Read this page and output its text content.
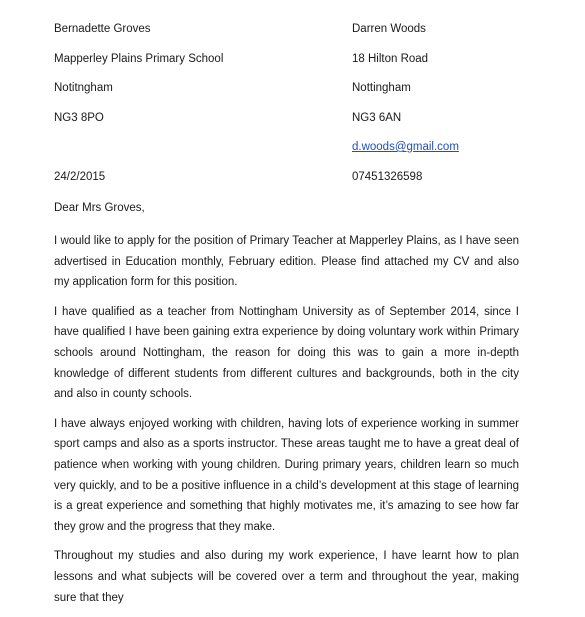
Bernadette Groves
Mapperley Plains Primary School
Notitngham
NG3 8PO
24/2/2015
Darren Woods
18 Hilton Road
Nottingham
NG3 6AN
d.woods@gmail.com
07451326598
Dear Mrs Groves,

I would like to apply for the position of Primary Teacher at Mapperley Plains, as I have seen advertised in Education monthly, February edition. Please find attached my CV and also my application form for this position.

I have qualified as a teacher from Nottingham University as of September 2014, since I have qualified I have been gaining extra experience by doing voluntary work within Primary schools around Nottingham, the reason for doing this was to gain a more in-depth knowledge of different students from different cultures and backgrounds, both in the city and also in county schools.

I have always enjoyed working with children, having lots of experience working in summer sport camps and also as a sports instructor. These areas taught me to have a great deal of patience when working with young children. During primary years, children learn so much very quickly, and to be a positive influence in a child’s development at this stage of learning is a great experience and something that highly motivates me, it’s amazing to see how far they grow and the progress that they make.

Throughout my studies and also during my work experience, I have learnt how to plan lessons and what subjects will be covered over a term and throughout the year, making sure that they
